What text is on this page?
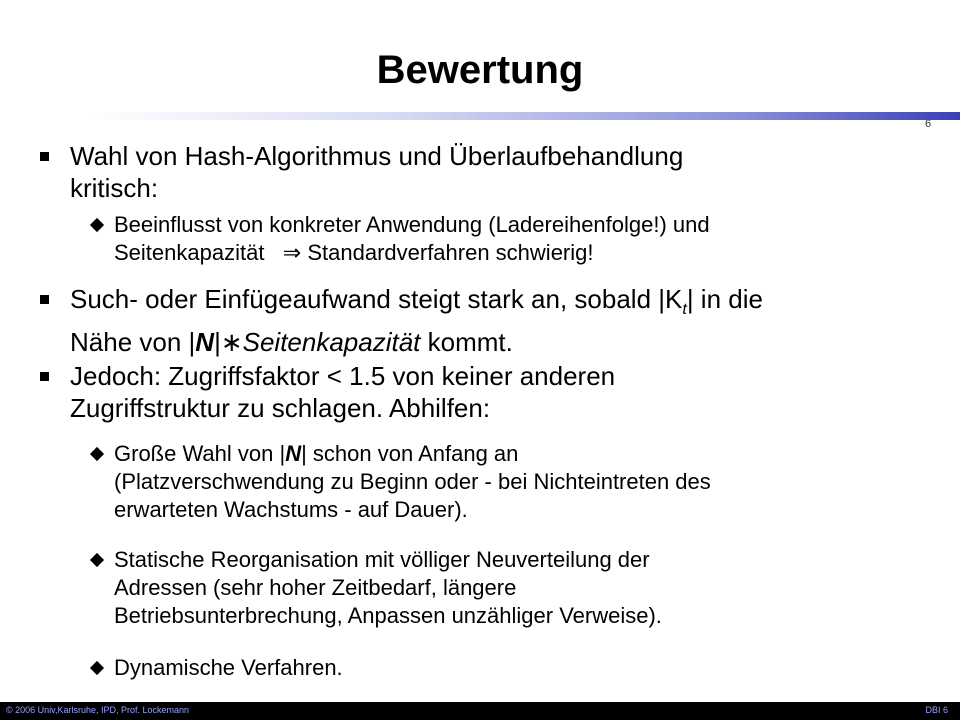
Bewertung
6
Wahl von Hash-Algorithmus und Überlaufbehandlung
kritisch:
Beeinflusst von konkreter Anwendung (Ladereihenfolge!) und
Seitenkapazität ⇒ Standardverfahren schwierig!
Such- oder Einfügeaufwand steigt stark an, sobald $|K_t|$ in die
Nähe von |N|∗Seitenkapazität kommt.
Jedoch: Zugriffsfaktor < 1.5 von keiner anderen
Zugriffstruktur zu schlagen. Abhilfen:
Große Wahl von |N| schon von Anfang an
(Platzverschwendung zu Beginn oder - bei Nichteintreten des
erwarteten Wachstums - auf Dauer).
Statische Reorganisation mit völliger Neuverteilung der
Adressen (sehr hoher Zeitbedarf, längere
Betriebsunterbrechung, Anpassen unzähliger Verweise).
Dynamische Verfahren.
© 2006 Univ,Karlsruhe, IPD, Prof. Lockemann	DBI 6
